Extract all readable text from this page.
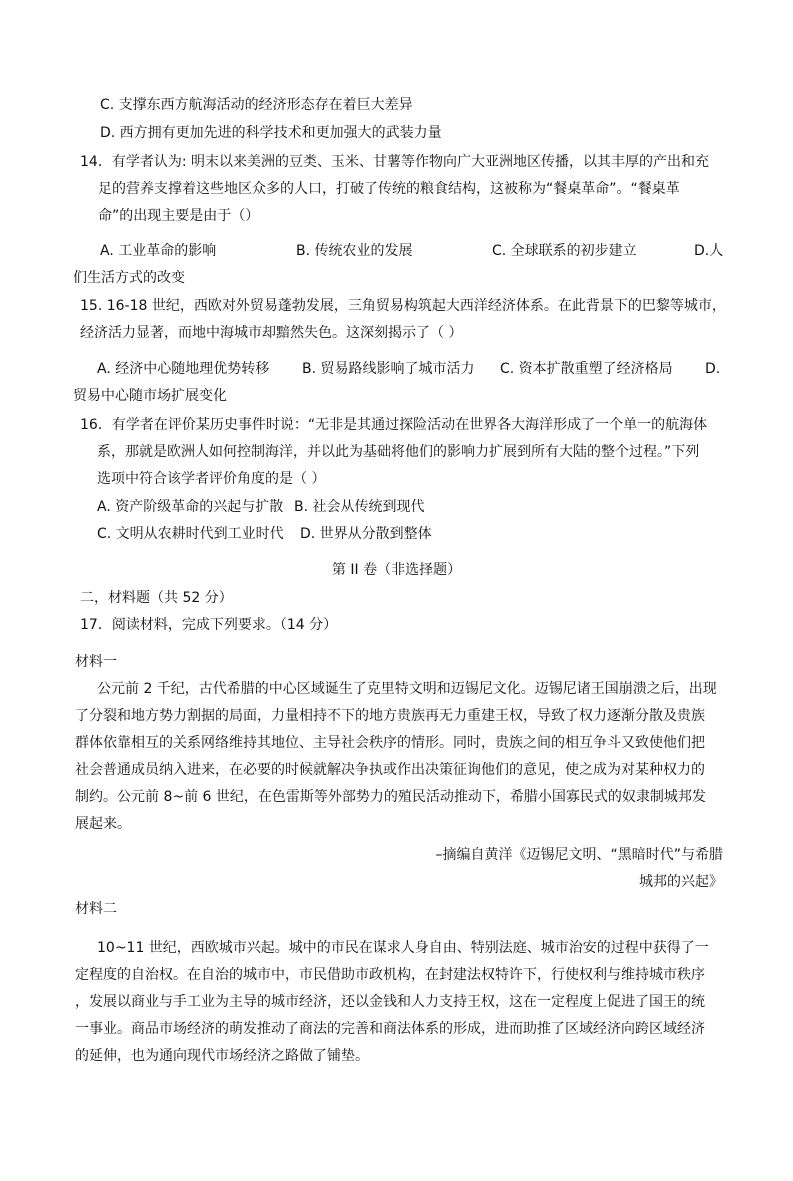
C. 支撑东西方航海活动的经济形态存在着巨大差异
D. 西方拥有更加先进的科学技术和更加强大的武装力量
14．有学者认为: 明末以来美洲的豆类、玉米、甘薯等作物向广大亚洲地区传播，以其丰厚的产出和充
足的营养支撑着这些地区众多的人口，打破了传统的粮食结构，这被称为“餐桌革命”。“餐桌革
命”的出现主要是由于（）
A. 工业革命的影响	B. 传统农业的发展	C. 全球联系的初步建立	D.人
们生活方式的改变
15. 16-18 世纪，西欧对外贸易蓬勃发展，三角贸易构筑起大西洋经济体系。在此背景下的巴黎等城市，
经济活力显著，而地中海城市却黯然失色。这深刻揭示了（ ）
A. 经济中心随地理优势转移 B. 贸易路线影响了城市活力 C. 资本扩散重塑了经济格局 D.
贸易中心随市场扩展变化
16．有学者在评价某历史事件时说：“无非是其通过探险活动在世界各大海洋形成了一个单一的航海体
系，那就是欧洲人如何控制海洋，并以此为基础将他们的影响力扩展到所有大陆的整个过程。”下列
选项中符合该学者评价角度的是（ ）
A. 资产阶级革命的兴起与扩散 B. 社会从传统到现代
C. 文明从农耕时代到工业时代 D. 世界从分散到整体
第 II 卷（非选择题）
二，材料题（共 52 分）
17．阅读材料，完成下列要求。（14 分）
材料一
公元前 2 千纪，古代希腊的中心区域诞生了克里特文明和迈锡尼文化。迈锡尼诸王国崩溃之后，出现
了分裂和地方势力割据的局面，力量相持不下的地方贵族再无力重建王权，导致了权力逐渐分散及贵族
群体依靠相互的关系网络维持其地位、主导社会秩序的情形。同时，贵族之间的相互争斗又致使他们把
社会普通成员纳入进来，在必要的时候就解决争执或作出决策征询他们的意见，使之成为对某种权力的
制约。公元前 8~前 6 世纪，在色雷斯等外部势力的殖民活动推动下，希腊小国寡民式的奴隶制城邦发
展起来。
–摘编自黄洋《迈锡尼文明、“黑暗时代”与希腊
城邦的兴起》
材料二
10~11 世纪，西欧城市兴起。城中的市民在谋求人身自由、特别法庭、城市治安的过程中获得了一
定程度的自治权。在自治的城市中，市民借助市政机构，在封建法权特许下，行使权利与维持城市秩序
，发展以商业与手工业为主导的城市经济，还以金钱和人力支持王权，这在一定程度上促进了国王的统
一事业。商品市场经济的萌发推动了商法的完善和商法体系的形成，进而助推了区域经济向跨区域经济
的延伸，也为通向现代市场经济之路做了铺垫。
